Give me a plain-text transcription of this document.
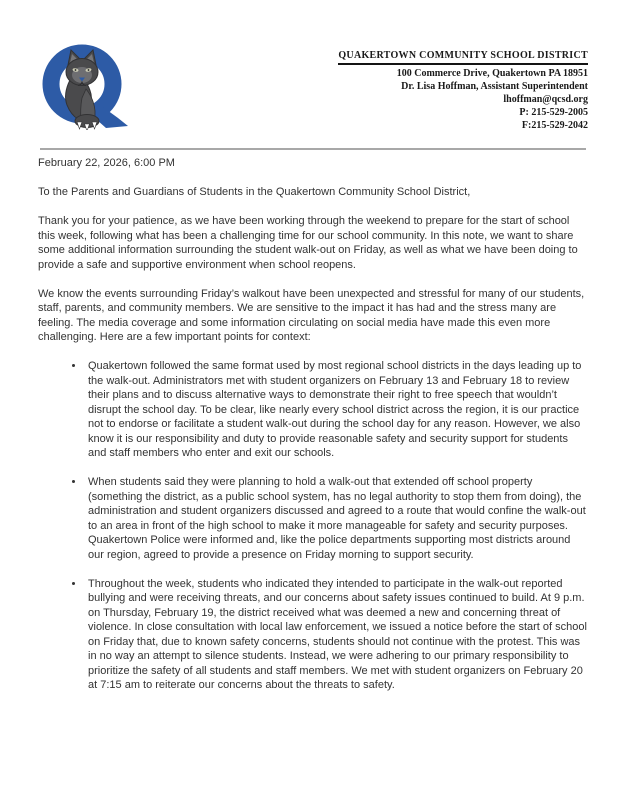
QUAKERTOWN COMMUNITY SCHOOL DISTRICT
100 Commerce Drive, Quakertown PA 18951
Dr. Lisa Hoffman, Assistant Superintendent
lhoffman@qcsd.org
P: 215-529-2005
F:215-529-2042
February 22, 2026, 6:00 PM
To the Parents and Guardians of Students in the Quakertown Community School District,

Thank you for your patience, as we have been working through the weekend to prepare for the start of school this week, following what has been a challenging time for our school community. In this note, we want to share some additional information surrounding the student walk-out on Friday, as well as what we have been doing to provide a safe and supportive environment when school reopens.

We know the events surrounding Friday’s walkout have been unexpected and stressful for many of our students, staff, parents, and community members. We are sensitive to the impact it has had and the stress many are feeling. The media coverage and some information circulating on social media have made this even more challenging. Here are a few important points for context:

• Quakertown followed the same format used by most regional school districts in the days leading up to the walk-out. Administrators met with student organizers on February 13 and February 18 to review their plans and to discuss alternative ways to demonstrate their right to free speech that wouldn’t disrupt the school day. To be clear, like nearly every school district across the region, it is our practice not to endorse or facilitate a student walk-out during the school day for any reason. However, we also know it is our responsibility and duty to provide reasonable safety and security support for students and staff members who enter and exit our schools.
• When students said they were planning to hold a walk-out that extended off school property (something the district, as a public school system, has no legal authority to stop them from doing), the administration and student organizers discussed and agreed to a route that would confine the walk-out to an area in front of the high school to make it more manageable for safety and security purposes. Quakertown Police were informed and, like the police departments supporting most districts around our region, agreed to provide a presence on Friday morning to support security.
• Throughout the week, students who indicated they intended to participate in the walk-out reported bullying and were receiving threats, and our concerns about safety issues continued to build. At 9 p.m. on Thursday, February 19, the district received what was deemed a new and concerning threat of violence. In close consultation with local law enforcement, we issued a notice before the start of school on Friday that, due to known safety concerns, students should not continue with the protest. This was in no way an attempt to silence students. Instead, we were adhering to our primary responsibility to prioritize the safety of all students and staff members. We met with student organizers on February 20 at 7:15 am to reiterate our concerns about the threats to safety.
